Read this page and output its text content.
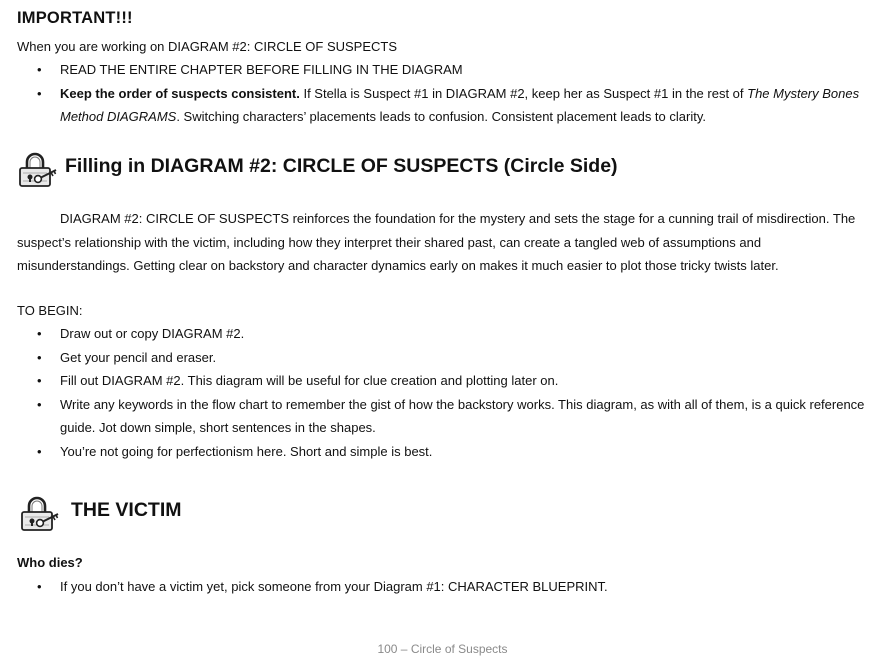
IMPORTANT!!!
When you are working on DIAGRAM #2: CIRCLE OF SUSPECTS
• READ THE ENTIRE CHAPTER BEFORE FILLING IN THE DIAGRAM
• Keep the order of suspects consistent. If Stella is Suspect #1 in DIAGRAM #2, keep her as Suspect #1 in the rest of The Mystery Bones Method DIAGRAMS. Switching characters’ placements leads to confusion. Consistent placement leads to clarity.
Filling in DIAGRAM #2: CIRCLE OF SUSPECTS (Circle Side)

DIAGRAM #2: CIRCLE OF SUSPECTS reinforces the foundation for the mystery and sets the stage for a cunning trail of misdirection. The suspect’s relationship with the victim, including how they interpret their shared past, can create a tangled web of assumptions and misunderstandings. Getting clear on backstory and character dynamics early on makes it much easier to plot those tricky twists later.

TO BEGIN:
• Draw out or copy DIAGRAM #2.
• Get your pencil and eraser.
• Fill out DIAGRAM #2. This diagram will be useful for clue creation and plotting later on.
• Write any keywords in the flow chart to remember the gist of how the backstory works. This diagram, as with all of them, is a quick reference guide. Jot down simple, short sentences in the shapes.
• You’re not going for perfectionism here. Short and simple is best.
THE VICTIM
Who dies?
• If you don’t have a victim yet, pick someone from your Diagram #1: CHARACTER BLUEPRINT.
100 – Circle of Suspects
